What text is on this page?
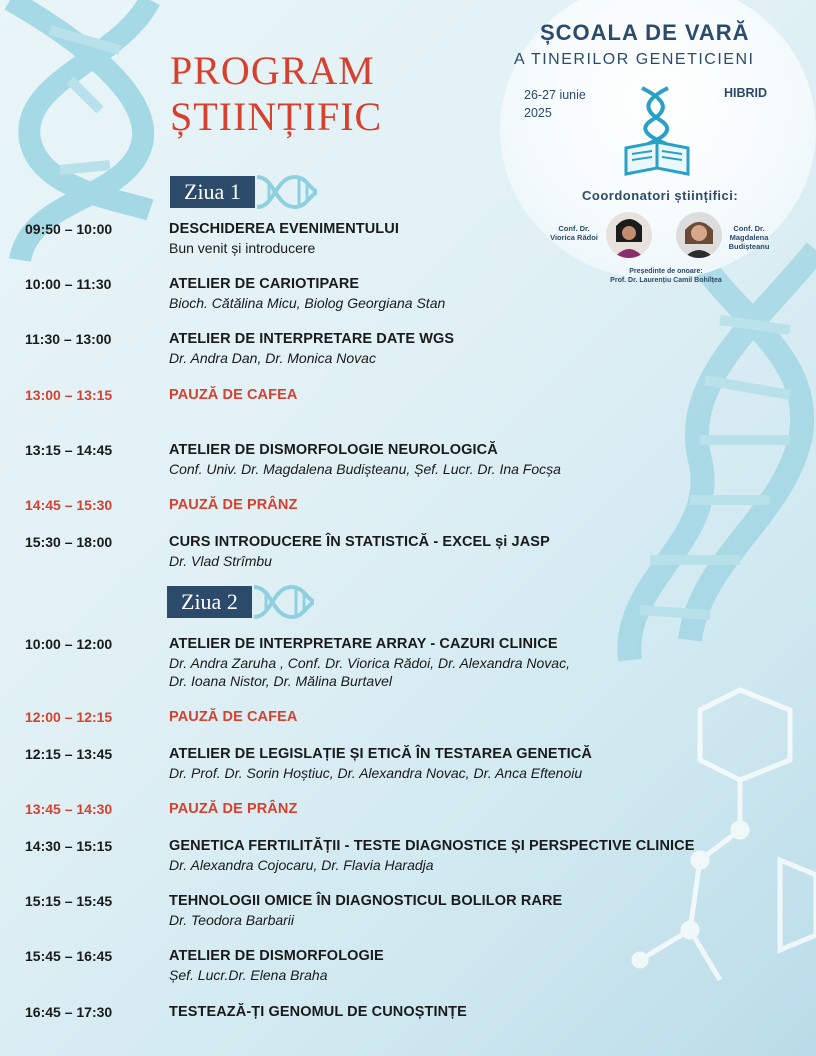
ȘCOALA DE VARĂ
A TINERILOR GENETICIENI
26-27 iunie
2025
HIBRID
Coordonatori științifici:
Conf. Dr.
Viorica Rădoi
Conf. Dr.
Magdalena
Budișteanu
Președinte de onoare:
Prof. Dr. Laurențiu Camil Bohîlțea
PROGRAM
ȘTIINȚIFIC
Ziua 1
Ziua 2
09:50 – 10:00	DESCHIDEREA EVENIMENTULUI
Bun venit și introducere
10:00 – 11:30	ATELIER DE CARIOTIPARE
Bioch. Cătălina Micu, Biolog Georgiana Stan
11:30 – 13:00	ATELIER DE INTERPRETARE DATE WGS
Dr. Andra Dan, Dr. Monica Novac
13:00 – 13:15	PAUZĂ DE CAFEA
13:15 – 14:45	ATELIER DE DISMORFOLOGIE NEUROLOGICĂ
Conf. Univ. Dr. Magdalena Budișteanu, Șef. Lucr. Dr. Ina Focșa
14:45 – 15:30	PAUZĂ DE PRÂNZ
15:30 – 18:00	CURS INTRODUCERE ÎN STATISTICĂ - EXCEL și JASP
Dr. Vlad Strîmbu
10:00 – 12:00	ATELIER DE INTERPRETARE ARRAY - CAZURI CLINICE
Dr. Andra Zaruha , Conf. Dr. Viorica Rădoi, Dr. Alexandra Novac,
Dr. Ioana Nistor, Dr. Mălina Burtavel
12:00 – 12:15	PAUZĂ DE CAFEA
12:15 – 13:45	ATELIER DE LEGISLAȚIE ȘI ETICĂ ÎN TESTAREA GENETICĂ
Dr. Prof. Dr. Sorin Hoștiuc, Dr. Alexandra Novac, Dr. Anca Eftenoiu
13:45 – 14:30	PAUZĂ DE PRÂNZ
14:30 – 15:15	GENETICA FERTILITĂȚII - TESTE DIAGNOSTICE ȘI PERSPECTIVE CLINICE
Dr. Alexandra Cojocaru, Dr. Flavia Haradja
15:15 – 15:45	TEHNOLOGII OMICE ÎN DIAGNOSTICUL BOLILOR RARE
Dr. Teodora Barbarii
15:45 – 16:45	ATELIER DE DISMORFOLOGIE
Șef. Lucr.Dr. Elena Braha
16:45 – 17:30	TESTEAZĂ-ȚI GENOMUL DE CUNOȘTINȚE
